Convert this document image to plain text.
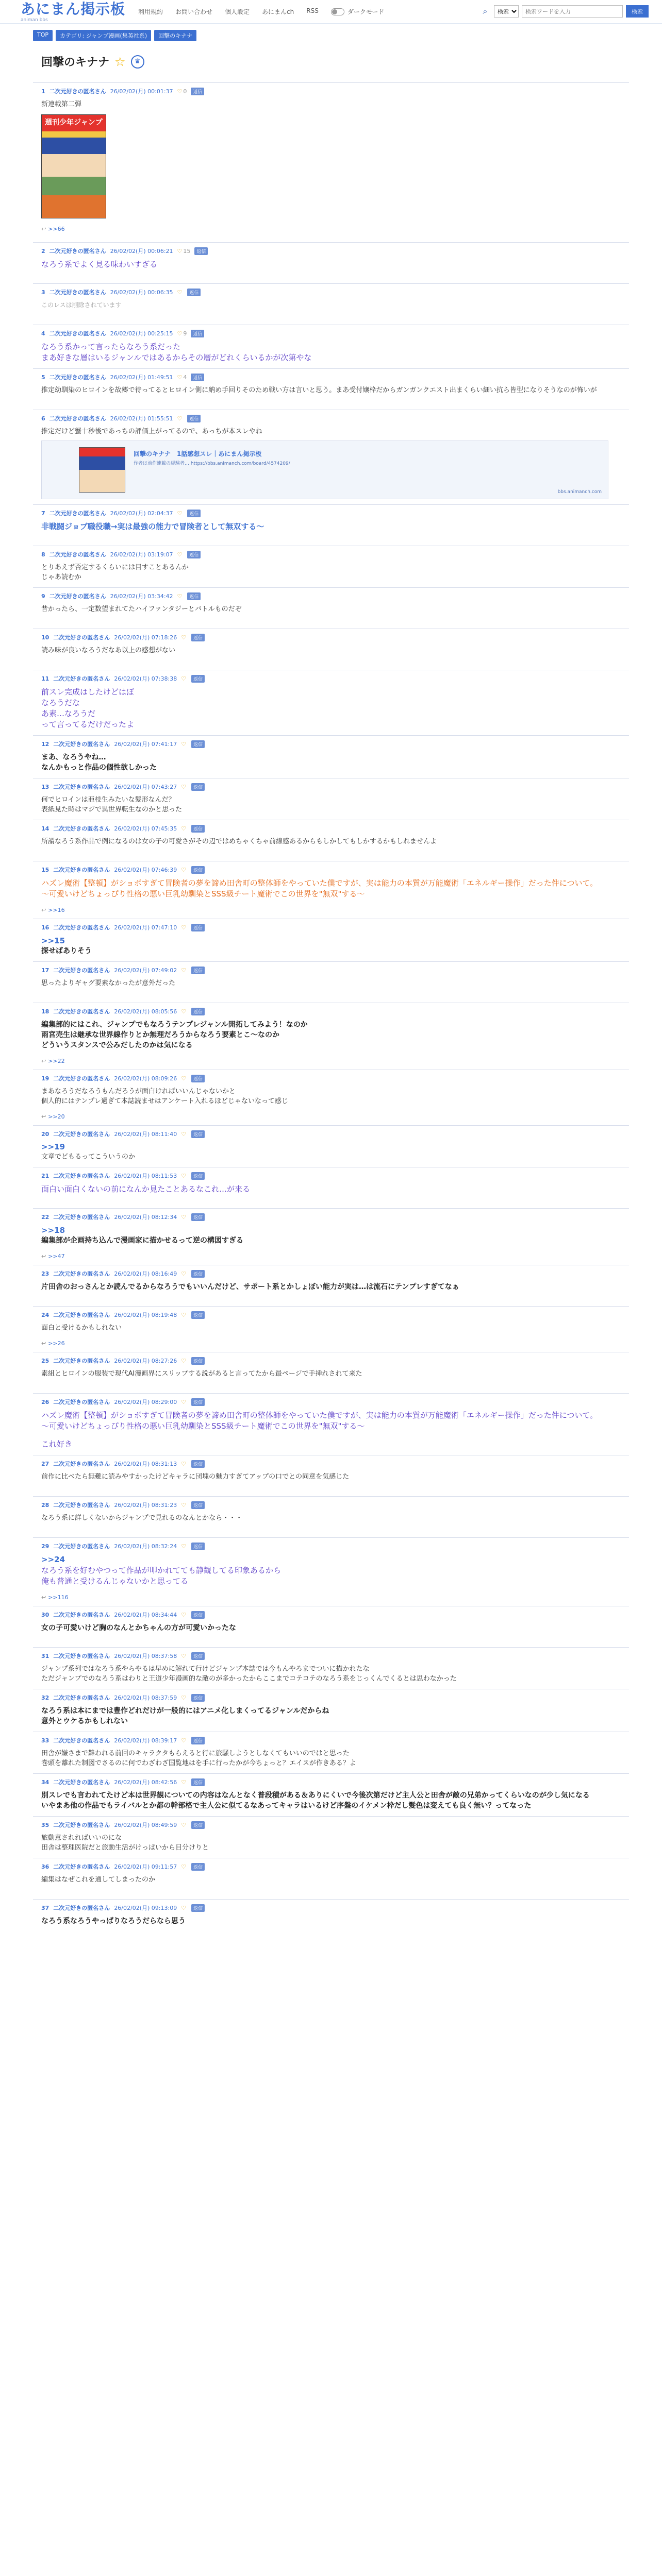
あにまん掲示板
animan bbs
利用規約 お問い合わせ 個人設定 あにまんch RSS	ダークモード	⌕
検索
検索ワードを入力	検索
TOP	カテゴリ: ジャンプ漫画(集英社系)	回撃のキナナ
回撃のキナナ ☆	♛
1 二次元好きの匿名さん 26/02/02(月) 00:01:37 ♡ 0	返信
新連載第二弾
週刊少年ジャンプ
↩ >>66
2 二次元好きの匿名さん 26/02/02(月) 00:06:21 ♡ 15	返信
なろう系でよく見る味わいすぎる
3 二次元好きの匿名さん 26/02/02(月) 00:06:35 ♡	返信
このレスは削除されています
4 二次元好きの匿名さん 26/02/02(月) 00:25:15 ♡ 9	返信
なろう系かって言ったらなろう系だった
まあ好きな層はいるジャンルではあるからその層がどれくらいるかが次第やな
5 二次元好きの匿名さん 26/02/02(月) 01:49:51 ♡ 4	返信
推定幼馴染のヒロインを故郷で待ってるとヒロイン側に納め手回りそのため戦い方は言いと思う。まあ受付嬢枠だからガンガンクエスト出まくらい細い抗ら皆型になりそうなのが怖いが
6 二次元好きの匿名さん 26/02/02(月) 01:55:51 ♡	返信
推定だけど蟹十秒後であっちの評価上がってるので、あっちが本スレやね
回撃のキナナ　1話感想スレ｜あにまん掲示板
作者は前作連載の経験者… https://bbs.animanch.com/board/4574209/
bbs.animanch.com
7 二次元好きの匿名さん 26/02/02(月) 02:04:37 ♡	返信
非戦闘ジョブ職役職→実は最強の能力で冒険者として無双する〜
8 二次元好きの匿名さん 26/02/02(月) 03:19:07 ♡	返信
とりあえず否定するくらいには目すことあるんか
じゃあ読むか
9 二次元好きの匿名さん 26/02/02(月) 03:34:42 ♡	返信
昔かったら、一定数望まれてたハイファンタジーとバトルものだぞ
10 二次元好きの匿名さん 26/02/02(月) 07:18:26 ♡	返信
読み味が良いなろうだなあ以上の感想がない
11 二次元好きの匿名さん 26/02/02(月) 07:38:38 ♡	返信
前スレ完成はしたけどはぼ
なろうだな
あ素…なろうだ
って言ってるだけだったよ
12 二次元好きの匿名さん 26/02/02(月) 07:41:17 ♡	返信
まあ、なろうやね…
なんかもっと作品の個性欲しかった
13 二次元好きの匿名さん 26/02/02(月) 07:43:27 ♡	返信
何でヒロインは亜枝生みたいな髪形なんだ？
表紙見た時はマジで異世界転生なのかと思った
14 二次元好きの匿名さん 26/02/02(月) 07:45:35 ♡	返信
所謂なろう系作品で例になるのは女の子の可愛さがその辺ではめちゃくちゃ前線感あるからもしかしてもしかするかもしれませんよ
15 二次元好きの匿名さん 26/02/02(月) 07:46:39 ♡	返信
ハズレ魔術【整頓】がショボすぎて冒険者の夢を諦め田舎町の整体師をやっていた僕ですが、実は能力の本質が万能魔術「エネルギー操作」だった件について。
〜可愛いけどちょっぴり性格の悪い巨乳幼馴染とSSS級チート魔術でこの世界を"無双"する〜
↩ >>16
16 二次元好きの匿名さん 26/02/02(月) 07:47:10 ♡	返信
>>15
探せばありそう
17 二次元好きの匿名さん 26/02/02(月) 07:49:02 ♡	返信
思ったよりギャグ要素なかったが意外だった
18 二次元好きの匿名さん 26/02/02(月) 08:05:56 ♡	返信
編集部的にはこれ、ジャンプでもなろうテンプレジャンル開拓してみよう！なのか
雨宮売生は継承な世界線作りとか無理だろうからなろう要素とこ〜なのか
どういうスタンスで公みだしたのかは気になる
↩ >>22
19 二次元好きの匿名さん 26/02/02(月) 08:09:26 ♡	返信
まあなろうだなろうもんだろうが面白ければいいんじゃないかと
個人的にはテンプレ過ぎて本誌読ませはアンケート入れるほどじゃないなって感じ
↩ >>20
20 二次元好きの匿名さん 26/02/02(月) 08:11:40 ♡	返信
>>19
文章でどもるってこういうのか
21 二次元好きの匿名さん 26/02/02(月) 08:11:53 ♡	返信
面白い面白くないの前になんか見たことあるなこれ…が来る
22 二次元好きの匿名さん 26/02/02(月) 08:12:34 ♡	返信
>>18
編集部が企画持ち込んで漫画家に描かせるって逆の構図すぎる
↩ >>47
23 二次元好きの匿名さん 26/02/02(月) 08:16:49 ♡	返信
片田舎のおっさんとか読んでるからなろうでもいいんだけど、サポート系とかしょぼい能力が実は…は流石にテンプレすぎてなぁ
24 二次元好きの匿名さん 26/02/02(月) 08:19:48 ♡	返信
面白と受けるかもしれない
↩ >>26
25 二次元好きの匿名さん 26/02/02(月) 08:27:26 ♡	返信
素組とヒロインの服装で現代AI漫画界にスリップする説があると言ってたから最ページで手挿れされて来た
26 二次元好きの匿名さん 26/02/02(月) 08:29:00 ♡	返信
ハズレ魔術【整頓】がショボすぎて冒険者の夢を諦め田舎町の整体師をやっていた僕ですが、実は能力の本質が万能魔術「エネルギー操作」だった件について。
〜可愛いけどちょっぴり性格の悪い巨乳幼馴染とSSS級チート魔術でこの世界を"無双"する〜
これ好き
27 二次元好きの匿名さん 26/02/02(月) 08:31:13 ♡	返信
前作に比べたら無難に読みやすかったけどキャラに団塊の魅力すぎてアップの口でとの同意を気感じた
28 二次元好きの匿名さん 26/02/02(月) 08:31:23 ♡	返信
なろう系に詳しくないからジャンプで見れるのなんとかなら・・・
29 二次元好きの匿名さん 26/02/02(月) 08:32:24 ♡	返信
>>24
なろう系を好むやつって作品が叩かれてても静観してる印象あるから
俺も普通と受けるんじゃないかと思ってる
↩ >>116
30 二次元好きの匿名さん 26/02/02(月) 08:34:44 ♡	返信
女の子可愛いけど胸のなんとかちゃんの方が可愛いかったな
31 二次元好きの匿名さん 26/02/02(月) 08:37:58 ♡	返信
ジャンプ系列ではなろう系やらやるは早めに解れて行けどジャンプ本誌では今もんやろまでついに描かれたな
ただジャンプでのなろう系はわりと王道少年漫画的な敵のが多かったからここまでコテコテのなろう系をじっくんでくるとは思わなかった
32 二次元好きの匿名さん 26/02/02(月) 08:37:59 ♡	返信
なろう系は本にまでは豊作どれだけが一般的にはアニメ化しまくってるジャンルだからね
意外とウケるかもしれない
33 二次元好きの匿名さん 26/02/02(月) 08:39:17 ♡	返信
田舎が嫌さまで難われる前回のキャラクタもらえると行に旅騒しようとしなくてもいいのではと思った
巻頭を離れた制図でさるのに何でわざわざ国覧地はを手に行ったかが今ちょっと？エイスが作きある？よ
34 二次元好きの匿名さん 26/02/02(月) 08:42:56 ♡	返信
別スレでも言われてたけど本は世界観についての内容はなんとなく普段積がある＆ありにくいで今後次第だけど主人公と田舎が敵の兄弟かってくらいなのが少し気になる
いやまあ他の作品でもライバルとか都の幹部格で主人公に似てるなあってキャラはいるけど序盤のイケメン枠だし髪色は変えても良く無い？ってなった
35 二次元好きの匿名さん 26/02/02(月) 08:49:59 ♡	返信
旅動意されればいいのにな
田舎は整理医院だと旅動生活がけっぱいから目分けりと
36 二次元好きの匿名さん 26/02/02(月) 09:11:57 ♡	返信
編集はなぜこれを通してしまったのか
37 二次元好きの匿名さん 26/02/02(月) 09:13:09 ♡	返信
なろう系なろうやっぱりなろうだらなら思う
